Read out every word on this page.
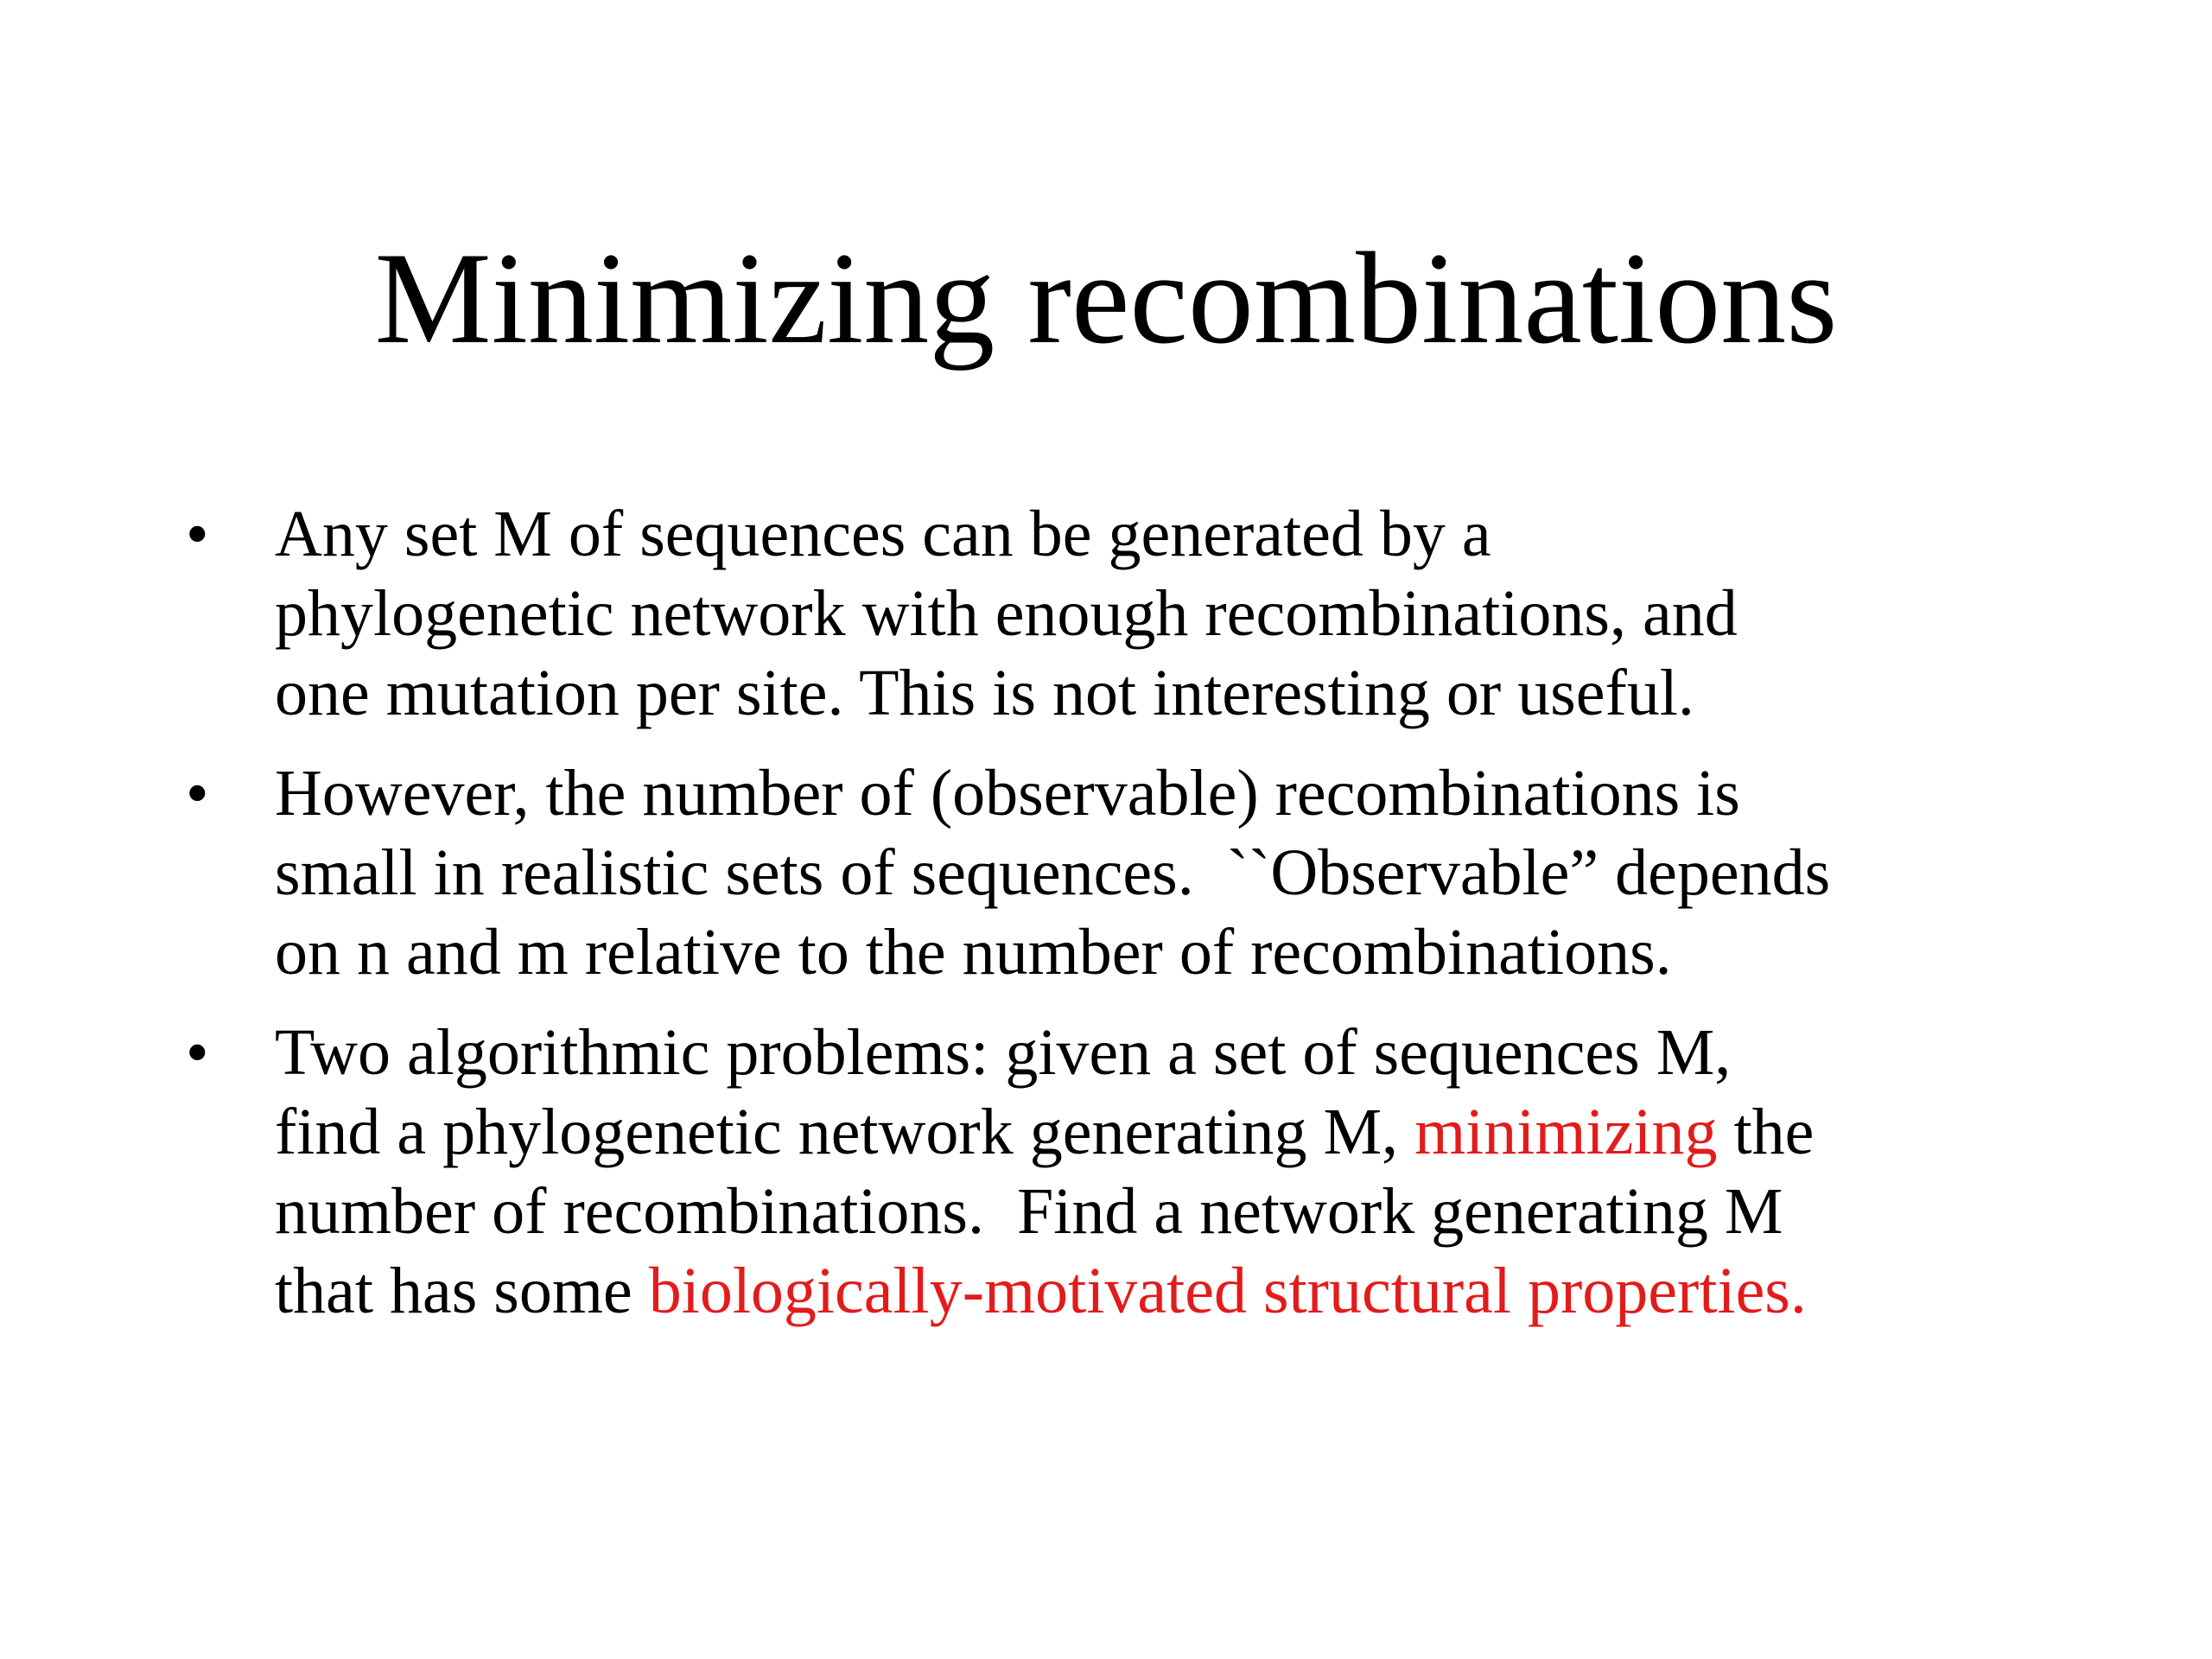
Minimizing recombinations
• Any set M of sequences can be generated by a
phylogenetic network with enough recombinations, and
one mutation per site. This is not interesting or useful.
• However, the number of (observable) recombinations is
small in realistic sets of sequences.  ``Observable” depends
on n and m relative to the number of recombinations.
• Two algorithmic problems: given a set of sequences M,
find a phylogenetic network generating M, minimizing the
number of recombinations.  Find a network generating M
that has some biologically-motivated structural properties.
